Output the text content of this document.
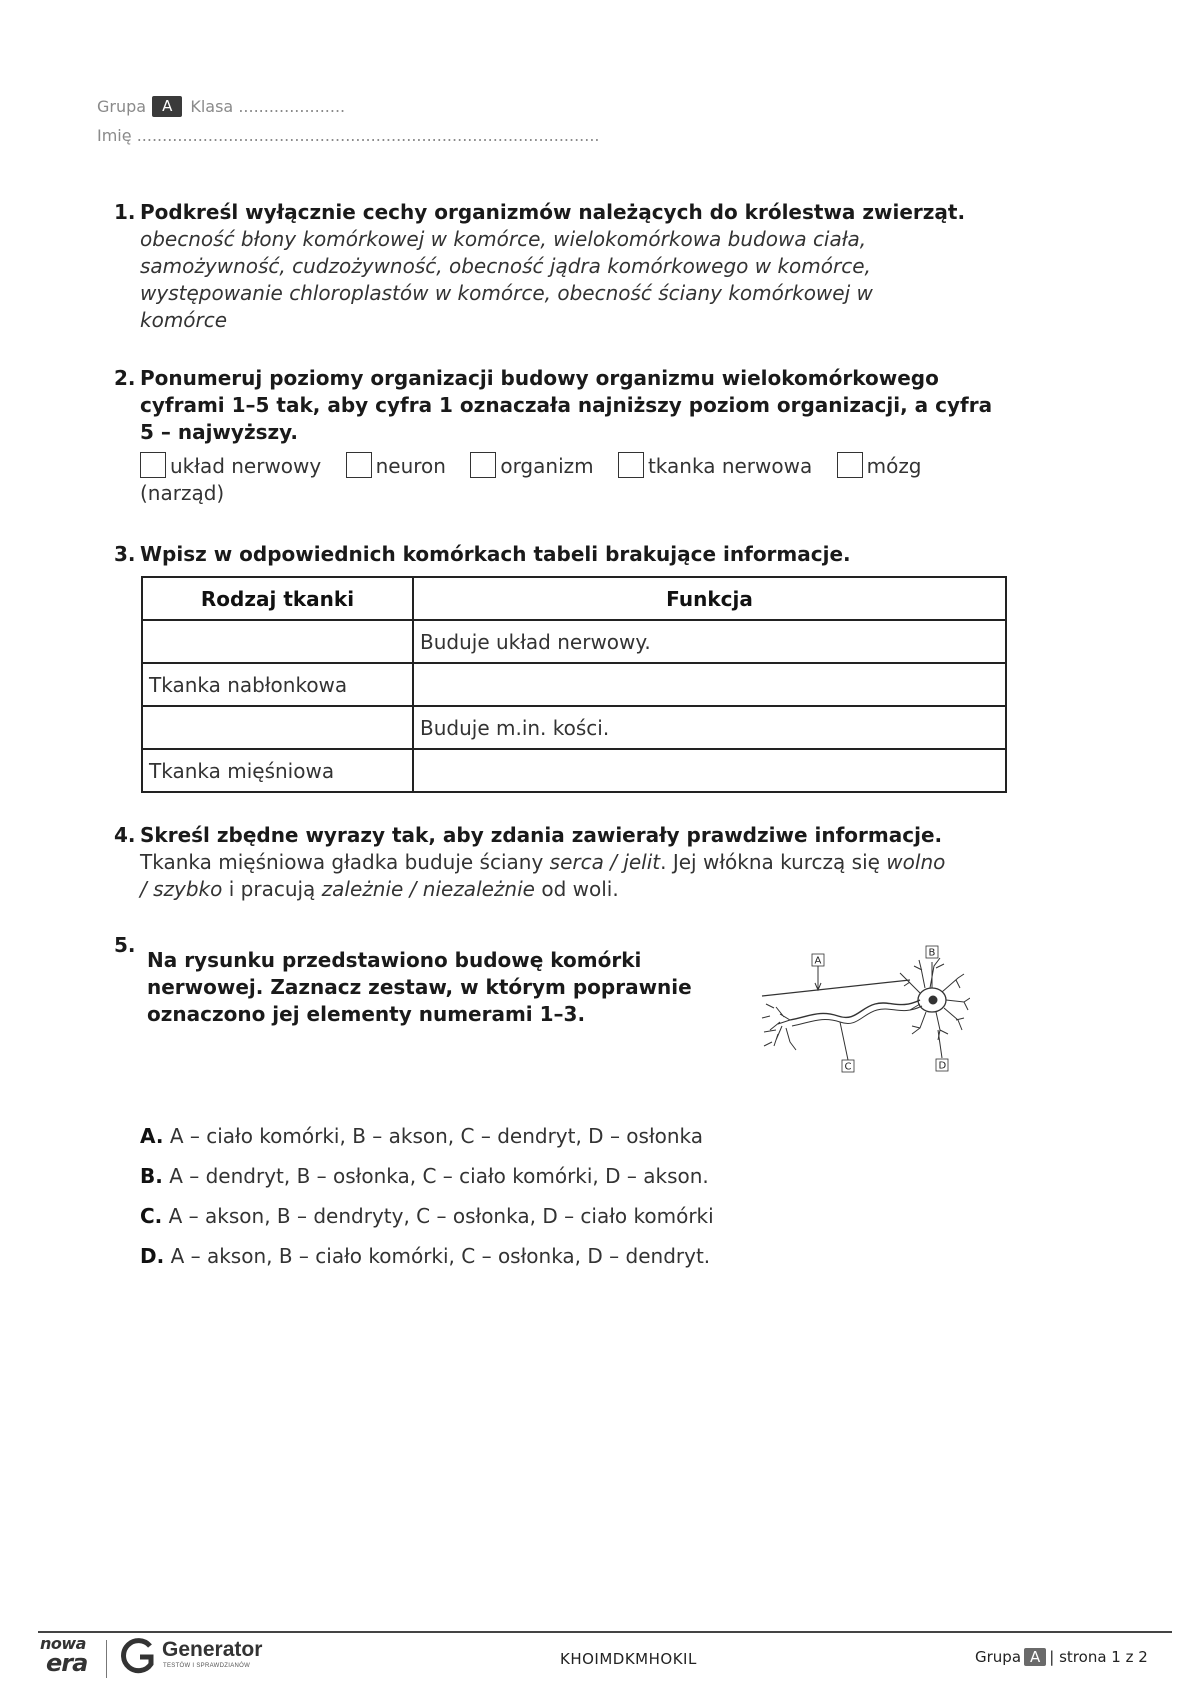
Grupa A Klasa .....................
Imię ...........................................................................................
1. Podkreśl wyłącznie cechy organizmów należących do królestwa zwierząt.
obecność błony komórkowej w komórce, wielokomórkowa budowa ciała,
samożywność, cudzożywność, obecność jądra komórkowego w komórce,
występowanie chloroplastów w komórce, obecność ściany komórkowej w
komórce
2. Ponumeruj poziomy organizacji budowy organizmu wielokomórkowego
cyframi 1–5 tak, aby cyfra 1 oznaczała najniższy poziom organizacji, a cyfra
5 – najwyższy.
układ nerwowy	neuron	organizm	tkanka nerwowa	mózg
(narząd)
3. Wpisz w odpowiednich komórkach tabeli brakujące informacje.
Rodzaj tkanki	Funkcja
	Buduje układ nerwowy.
Tkanka nabłonkowa	
	Buduje m.in. kości.
Tkanka mięśniowa	
4. Skreśl zbędne wyrazy tak, aby zdania zawierały prawdziwe informacje.
Tkanka mięśniowa gładka buduje ściany serca / jelit. Jej włókna kurczą się wolno
/ szybko i pracują zależnie / niezależnie od woli.
5.
Na rysunku przedstawiono budowę komórki
nerwowej. Zaznacz zestaw, w którym poprawnie
oznaczono jej elementy numerami 1–3.
A
B
C	D
A. A – ciało komórki, B – akson, C – dendryt, D – osłonka
B. A – dendryt, B – osłonka, C – ciało komórki, D – akson.
C. A – akson, B – dendryty, C – osłonka, D – ciało komórki
D. A – akson, B – ciało komórki, C – osłonka, D – dendryt.
nowa
era	Generator
TESTÓW I SPRAWDZIANÓW	KHOIMDKMHOKIL	Grupa A | strona 1 z 2
